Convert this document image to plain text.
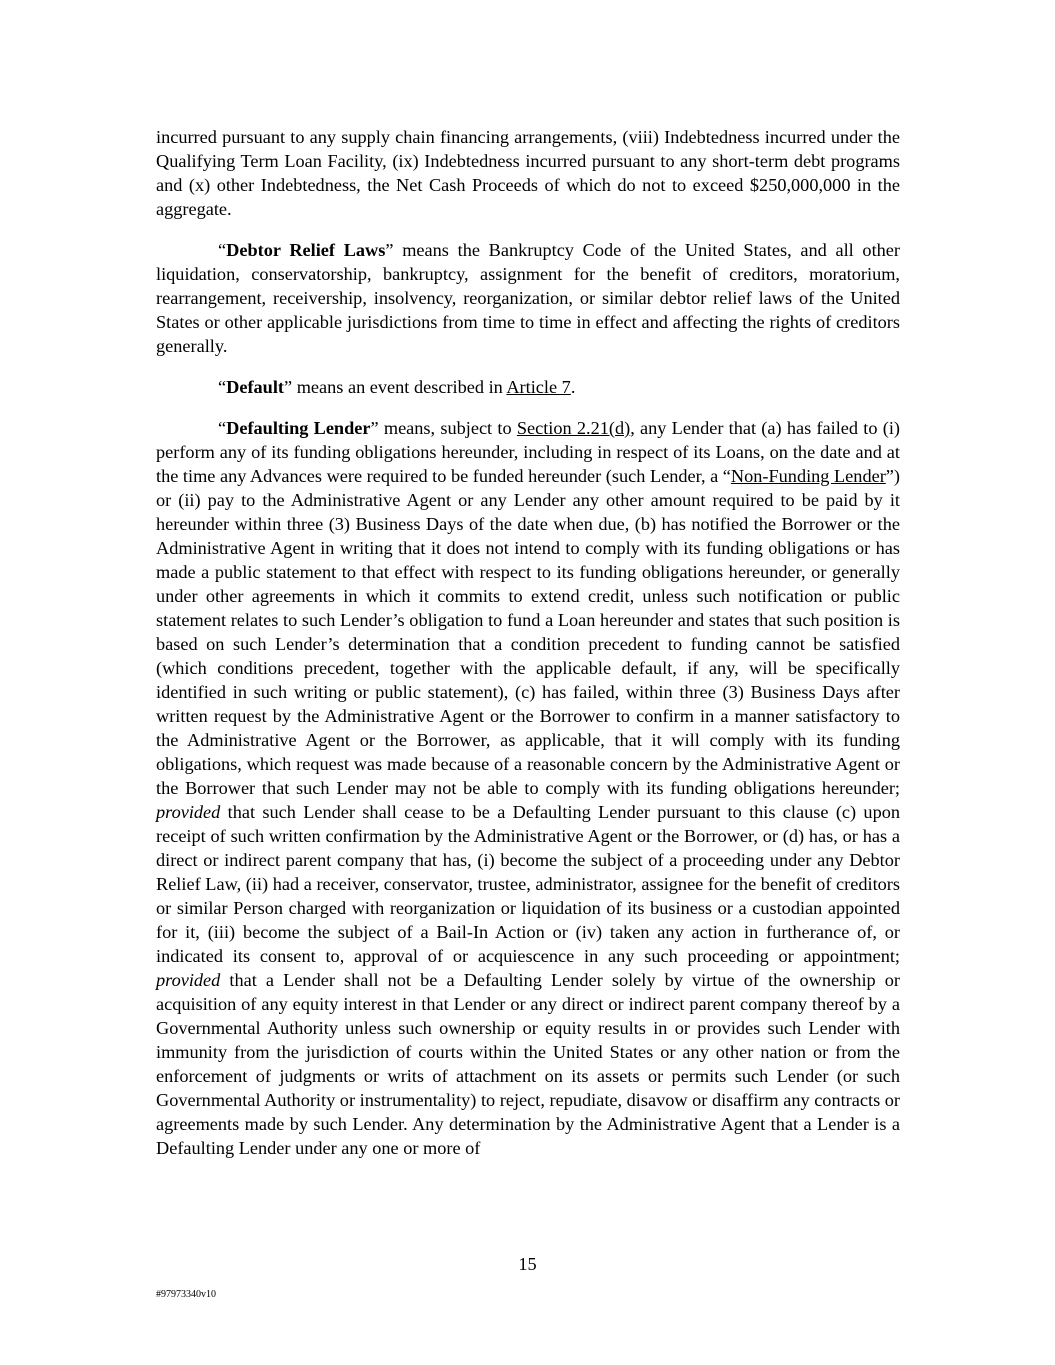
incurred pursuant to any supply chain financing arrangements, (viii) Indebtedness incurred under the Qualifying Term Loan Facility, (ix) Indebtedness incurred pursuant to any short-term debt programs and (x) other Indebtedness, the Net Cash Proceeds of which do not to exceed $250,000,000 in the aggregate.

“Debtor Relief Laws” means the Bankruptcy Code of the United States, and all other liquidation, conservatorship, bankruptcy, assignment for the benefit of creditors, moratorium, rearrangement, receivership, insolvency, reorganization, or similar debtor relief laws of the United States or other applicable jurisdictions from time to time in effect and affecting the rights of creditors generally.

“Default” means an event described in Article 7.

“Defaulting Lender” means, subject to Section 2.21(d), any Lender that (a) has failed to (i) perform any of its funding obligations hereunder, including in respect of its Loans, on the date and at the time any Advances were required to be funded hereunder (such Lender, a “Non-Funding Lender”) or (ii) pay to the Administrative Agent or any Lender any other amount required to be paid by it hereunder within three (3) Business Days of the date when due, (b) has notified the Borrower or the Administrative Agent in writing that it does not intend to comply with its funding obligations or has made a public statement to that effect with respect to its funding obligations hereunder, or generally under other agreements in which it commits to extend credit, unless such notification or public statement relates to such Lender’s obligation to fund a Loan hereunder and states that such position is based on such Lender’s determination that a condition precedent to funding cannot be satisfied (which conditions precedent, together with the applicable default, if any, will be specifically identified in such writing or public statement), (c) has failed, within three (3) Business Days after written request by the Administrative Agent or the Borrower to confirm in a manner satisfactory to the Administrative Agent or the Borrower, as applicable, that it will comply with its funding obligations, which request was made because of a reasonable concern by the Administrative Agent or the Borrower that such Lender may not be able to comply with its funding obligations hereunder; provided that such Lender shall cease to be a Defaulting Lender pursuant to this clause (c) upon receipt of such written confirmation by the Administrative Agent or the Borrower, or (d) has, or has a direct or indirect parent company that has, (i) become the subject of a proceeding under any Debtor Relief Law, (ii) had a receiver, conservator, trustee, administrator, assignee for the benefit of creditors or similar Person charged with reorganization or liquidation of its business or a custodian appointed for it, (iii) become the subject of a Bail-In Action or (iv) taken any action in furtherance of, or indicated its consent to, approval of or acquiescence in any such proceeding or appointment; provided that a Lender shall not be a Defaulting Lender solely by virtue of the ownership or acquisition of any equity interest in that Lender or any direct or indirect parent company thereof by a Governmental Authority unless such ownership or equity results in or provides such Lender with immunity from the jurisdiction of courts within the United States or any other nation or from the enforcement of judgments or writs of attachment on its assets or permits such Lender (or such Governmental Authority or instrumentality) to reject, repudiate, disavow or disaffirm any contracts or agreements made by such Lender. Any determination by the Administrative Agent that a Lender is a Defaulting Lender under any one or more of

15
#97973340v10
